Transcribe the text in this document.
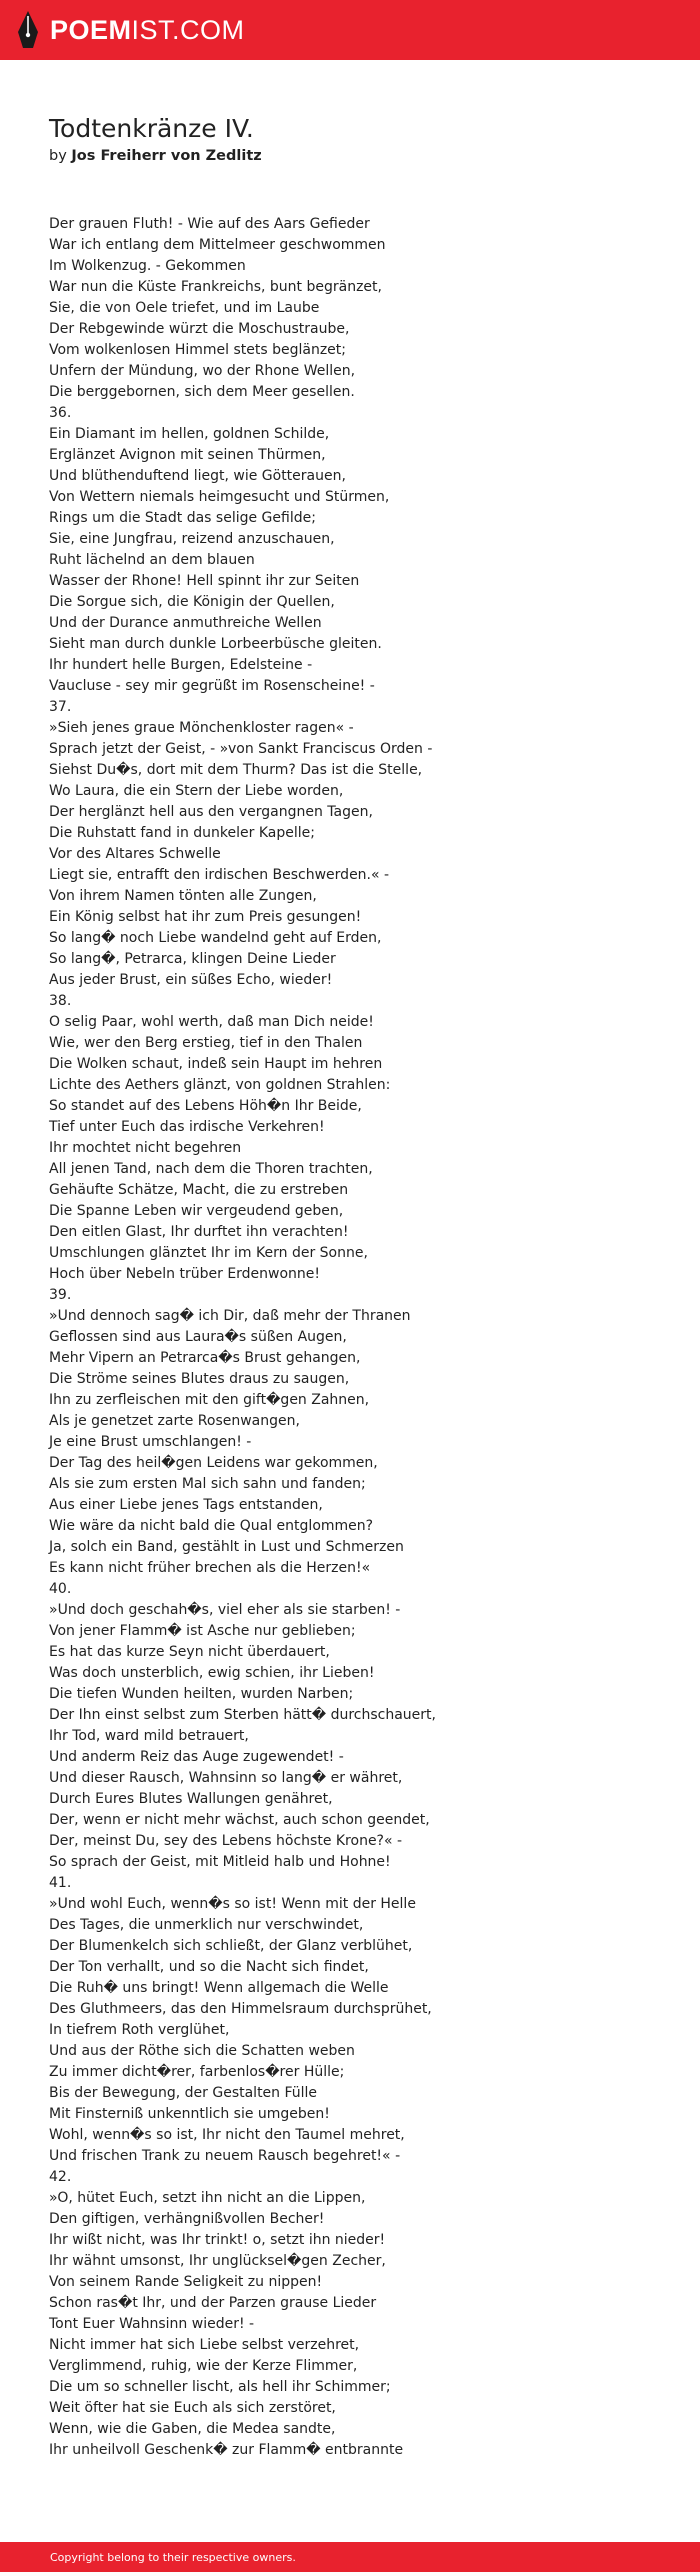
POEMIST.COM
Todtenkränze IV.
by Jos Freiherr von Zedlitz
Der grauen Fluth! - Wie auf des Aars Gefieder
War ich entlang dem Mittelmeer geschwommen
Im Wolkenzug. - Gekommen
War nun die Küste Frankreichs, bunt begränzet,
Sie, die von Oele triefet, und im Laube
Der Rebgewinde würzt die Moschustraube,
Vom wolkenlosen Himmel stets beglänzet;
Unfern der Mündung, wo der Rhone Wellen,
Die berggebornen, sich dem Meer gesellen.
36.
Ein Diamant im hellen, goldnen Schilde,
Erglänzet Avignon mit seinen Thürmen,
Und blüthenduftend liegt, wie Götterauen,
Von Wettern niemals heimgesucht und Stürmen,
Rings um die Stadt das selige Gefilde;
Sie, eine Jungfrau, reizend anzuschauen,
Ruht lächelnd an dem blauen
Wasser der Rhone! Hell spinnt ihr zur Seiten
Die Sorgue sich, die Königin der Quellen,
Und der Durance anmuthreiche Wellen
Sieht man durch dunkle Lorbeerbüsche gleiten.
Ihr hundert helle Burgen, Edelsteine -
Vaucluse - sey mir gegrüßt im Rosenscheine! -
37.
»Sieh jenes graue Mönchenkloster ragen« -
Sprach jetzt der Geist, - »von Sankt Franciscus Orden -
Siehst Du�s, dort mit dem Thurm? Das ist die Stelle,
Wo Laura, die ein Stern der Liebe worden,
Der herglänzt hell aus den vergangnen Tagen,
Die Ruhstatt fand in dunkeler Kapelle;
Vor des Altares Schwelle
Liegt sie, entrafft den irdischen Beschwerden.« -
Von ihrem Namen tönten alle Zungen,
Ein König selbst hat ihr zum Preis gesungen!
So lang� noch Liebe wandelnd geht auf Erden,
So lang�, Petrarca, klingen Deine Lieder
Aus jeder Brust, ein süßes Echo, wieder!
38.
O selig Paar, wohl werth, daß man Dich neide!
Wie, wer den Berg erstieg, tief in den Thalen
Die Wolken schaut, indeß sein Haupt im hehren
Lichte des Aethers glänzt, von goldnen Strahlen:
So standet auf des Lebens Höh�n Ihr Beide,
Tief unter Euch das irdische Verkehren!
Ihr mochtet nicht begehren
All jenen Tand, nach dem die Thoren trachten,
Gehäufte Schätze, Macht, die zu erstreben
Die Spanne Leben wir vergeudend geben,
Den eitlen Glast, Ihr durftet ihn verachten!
Umschlungen glänztet Ihr im Kern der Sonne,
Hoch über Nebeln trüber Erdenwonne!
39.
»Und dennoch sag� ich Dir, daß mehr der Thranen
Geflossen sind aus Laura�s süßen Augen,
Mehr Vipern an Petrarca�s Brust gehangen,
Die Ströme seines Blutes draus zu saugen,
Ihn zu zerfleischen mit den gift�gen Zahnen,
Als je genetzet zarte Rosenwangen,
Je eine Brust umschlangen! -
Der Tag des heil�gen Leidens war gekommen,
Als sie zum ersten Mal sich sahn und fanden;
Aus einer Liebe jenes Tags entstanden,
Wie wäre da nicht bald die Qual entglommen?
Ja, solch ein Band, gestählt in Lust und Schmerzen
Es kann nicht früher brechen als die Herzen!«
40.
»Und doch geschah�s, viel eher als sie starben! -
Von jener Flamm� ist Asche nur geblieben;
Es hat das kurze Seyn nicht überdauert,
Was doch unsterblich, ewig schien, ihr Lieben!
Die tiefen Wunden heilten, wurden Narben;
Der Ihn einst selbst zum Sterben hätt� durchschauert,
Ihr Tod, ward mild betrauert,
Und anderm Reiz das Auge zugewendet! -
Und dieser Rausch, Wahnsinn so lang� er währet,
Durch Eures Blutes Wallungen genähret,
Der, wenn er nicht mehr wächst, auch schon geendet,
Der, meinst Du, sey des Lebens höchste Krone?« -
So sprach der Geist, mit Mitleid halb und Hohne!
41.
»Und wohl Euch, wenn�s so ist! Wenn mit der Helle
Des Tages, die unmerklich nur verschwindet,
Der Blumenkelch sich schließt, der Glanz verblühet,
Der Ton verhallt, und so die Nacht sich findet,
Die Ruh� uns bringt! Wenn allgemach die Welle
Des Gluthmeers, das den Himmelsraum durchsprühet,
In tiefrem Roth verglühet,
Und aus der Röthe sich die Schatten weben
Zu immer dicht�rer, farbenlos�rer Hülle;
Bis der Bewegung, der Gestalten Fülle
Mit Finsterniß unkenntlich sie umgeben!
Wohl, wenn�s so ist, Ihr nicht den Taumel mehret,
Und frischen Trank zu neuem Rausch begehret!« -
42.
»O, hütet Euch, setzt ihn nicht an die Lippen,
Den giftigen, verhängnißvollen Becher!
Ihr wißt nicht, was Ihr trinkt! o, setzt ihn nieder!
Ihr wähnt umsonst, Ihr unglücksel�gen Zecher,
Von seinem Rande Seligkeit zu nippen!
Schon ras�t Ihr, und der Parzen grause Lieder
Tont Euer Wahnsinn wieder! -
Nicht immer hat sich Liebe selbst verzehret,
Verglimmend, ruhig, wie der Kerze Flimmer,
Die um so schneller lischt, als hell ihr Schimmer;
Weit öfter hat sie Euch als sich zerstöret,
Wenn, wie die Gaben, die Medea sandte,
Ihr unheilvoll Geschenk� zur Flamm� entbrannte
Copyright belong to their respective owners.
